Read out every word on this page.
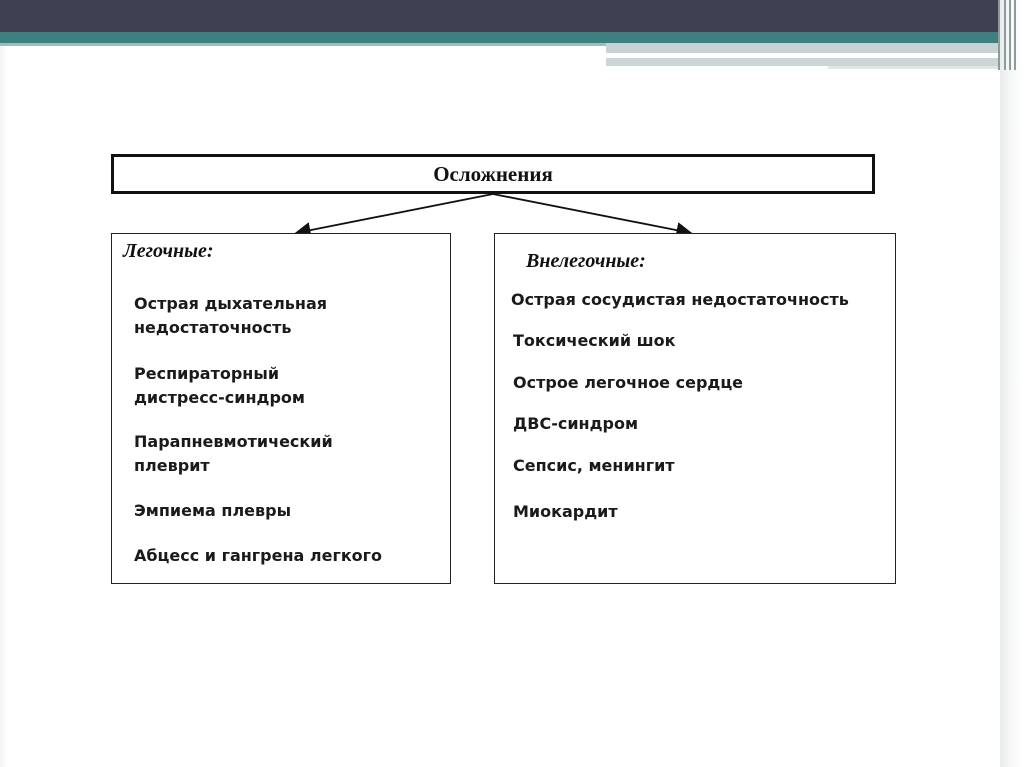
Осложнения
Легочные:
Острая дыхательная
недостаточность
Респираторный
дистресс-синдром
Парапневмотический
плеврит
Эмпиема плевры
Абцесс и гангрена легкого
Внелегочные:
Острая сосудистая недостаточность
Токсический шок
Острое легочное сердце
ДВС-синдром
Сепсис, менингит
Миокардит
